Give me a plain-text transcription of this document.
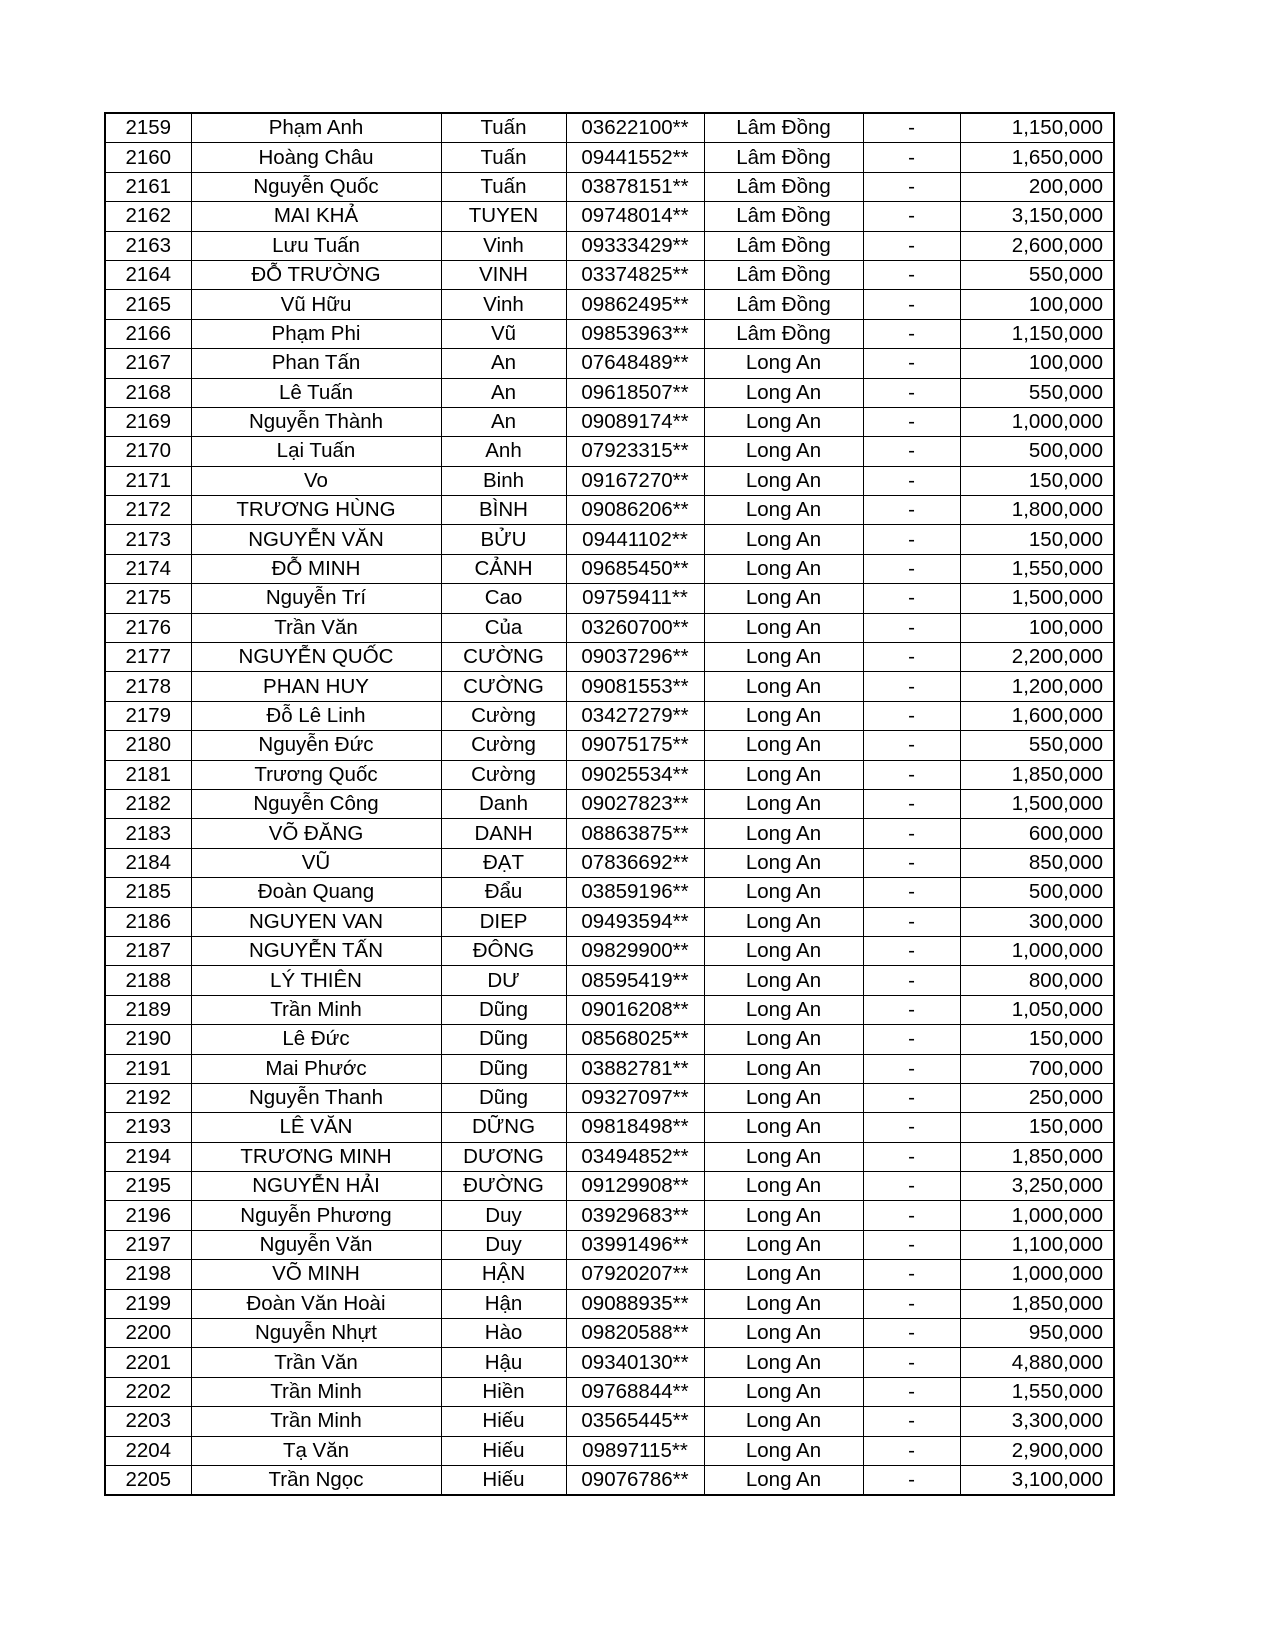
2159	Phạm Anh	Tuấn	03622100**	Lâm Đồng	-	1,150,000
2160	Hoàng Châu	Tuấn	09441552**	Lâm Đồng	-	1,650,000
2161	Nguyễn Quốc	Tuấn	03878151**	Lâm Đồng	-	200,000
2162	MAI KHẢ	TUYEN	09748014**	Lâm Đồng	-	3,150,000
2163	Lưu Tuấn	Vinh	09333429**	Lâm Đồng	-	2,600,000
2164	ĐỖ TRƯỜNG	VINH	03374825**	Lâm Đồng	-	550,000
2165	Vũ Hữu	Vinh	09862495**	Lâm Đồng	-	100,000
2166	Phạm Phi	Vũ	09853963**	Lâm Đồng	-	1,150,000
2167	Phan Tấn	An	07648489**	Long An	-	100,000
2168	Lê Tuấn	An	09618507**	Long An	-	550,000
2169	Nguyễn Thành	An	09089174**	Long An	-	1,000,000
2170	Lại Tuấn	Anh	07923315**	Long An	-	500,000
2171	Vo	Binh	09167270**	Long An	-	150,000
2172	TRƯƠNG HÙNG	BÌNH	09086206**	Long An	-	1,800,000
2173	NGUYỄN VĂN	BỬU	09441102**	Long An	-	150,000
2174	ĐỖ MINH	CẢNH	09685450**	Long An	-	1,550,000
2175	Nguyễn Trí	Cao	09759411**	Long An	-	1,500,000
2176	Trần Văn	Của	03260700**	Long An	-	100,000
2177	NGUYỄN QUỐC	CƯỜNG	09037296**	Long An	-	2,200,000
2178	PHAN HUY	CƯỜNG	09081553**	Long An	-	1,200,000
2179	Đỗ Lê Linh	Cường	03427279**	Long An	-	1,600,000
2180	Nguyễn Đức	Cường	09075175**	Long An	-	550,000
2181	Trương Quốc	Cường	09025534**	Long An	-	1,850,000
2182	Nguyễn Công	Danh	09027823**	Long An	-	1,500,000
2183	VÕ ĐĂNG	DANH	08863875**	Long An	-	600,000
2184	VŨ	ĐẠT	07836692**	Long An	-	850,000
2185	Đoàn Quang	Đẩu	03859196**	Long An	-	500,000
2186	NGUYEN VAN	DIEP	09493594**	Long An	-	300,000
2187	NGUYỄN TẤN	ĐÔNG	09829900**	Long An	-	1,000,000
2188	LÝ THIÊN	DƯ	08595419**	Long An	-	800,000
2189	Trần Minh	Dũng	09016208**	Long An	-	1,050,000
2190	Lê Đức	Dũng	08568025**	Long An	-	150,000
2191	Mai Phước	Dũng	03882781**	Long An	-	700,000
2192	Nguyễn Thanh	Dũng	09327097**	Long An	-	250,000
2193	LÊ VĂN	DỮNG	09818498**	Long An	-	150,000
2194	TRƯƠNG MINH	DƯƠNG	03494852**	Long An	-	1,850,000
2195	NGUYỄN HẢI	ĐƯỜNG	09129908**	Long An	-	3,250,000
2196	Nguyễn Phương	Duy	03929683**	Long An	-	1,000,000
2197	Nguyễn Văn	Duy	03991496**	Long An	-	1,100,000
2198	VÕ MINH	HẬN	07920207**	Long An	-	1,000,000
2199	Đoàn Văn Hoài	Hận	09088935**	Long An	-	1,850,000
2200	Nguyễn Nhựt	Hào	09820588**	Long An	-	950,000
2201	Trần Văn	Hậu	09340130**	Long An	-	4,880,000
2202	Trần Minh	Hiền	09768844**	Long An	-	1,550,000
2203	Trần Minh	Hiếu	03565445**	Long An	-	3,300,000
2204	Tạ Văn	Hiếu	09897115**	Long An	-	2,900,000
2205	Trần Ngọc	Hiếu	09076786**	Long An	-	3,100,000
